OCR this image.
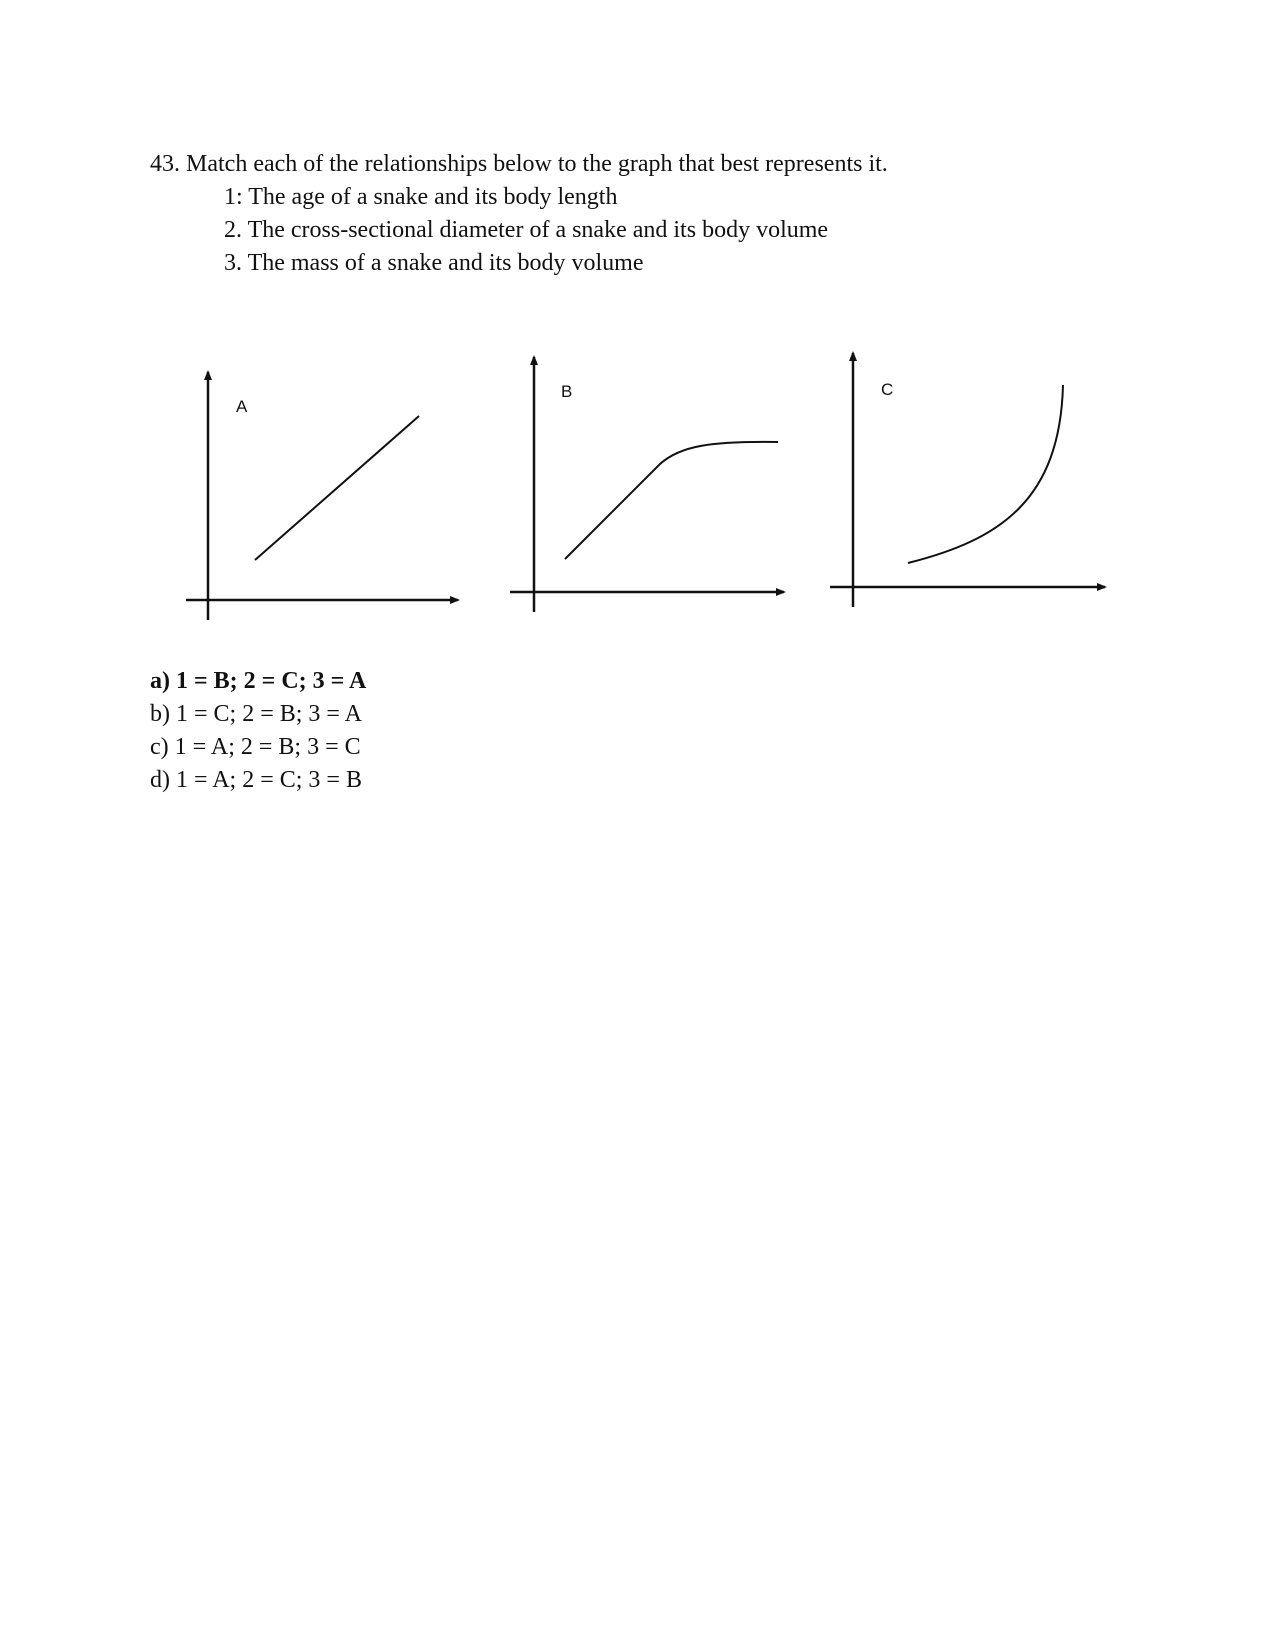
43. Match each of the relationships below to the graph that best represents it.
1: The age of a snake and its body length
2. The cross-sectional diameter of a snake and its body volume
3. The mass of a snake and its body volume
A
B	C
a) 1 = B; 2 = C; 3 = A
b) 1 = C; 2 = B; 3 = A
c) 1 = A; 2 = B; 3 = C
d) 1 = A; 2 = C; 3 = B
